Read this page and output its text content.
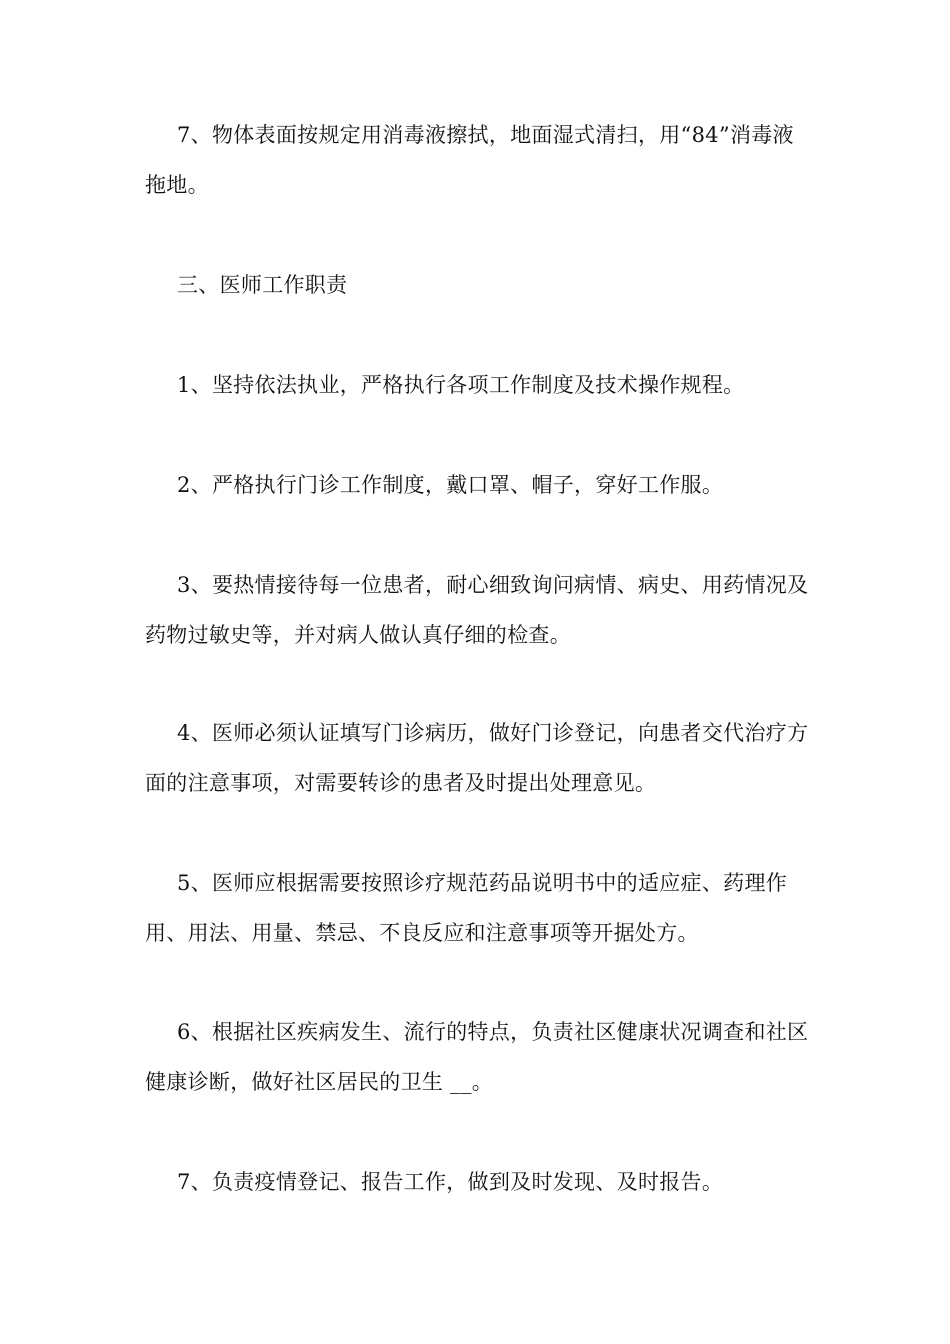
7、物体表面按规定用消毒液擦拭，地面湿式清扫，用“84”消毒液拖地。

三、医师工作职责

1、坚持依法执业，严格执行各项工作制度及技术操作规程。

2、严格执行门诊工作制度，戴口罩、帽子，穿好工作服。

3、要热情接待每一位患者，耐心细致询问病情、病史、用药情况及药物过敏史等，并对病人做认真仔细的检查。

4、医师必须认证填写门诊病历，做好门诊登记，向患者交代治疗方面的注意事项，对需要转诊的患者及时提出处理意见。

5、医师应根据需要按照诊疗规范药品说明书中的适应症、药理作用、用法、用量、禁忌、不良反应和注意事项等开据处方。

6、根据社区疾病发生、流行的特点，负责社区健康状况调查和社区健康诊断，做好社区居民的卫生 __。

7、负责疫情登记、报告工作，做到及时发现、及时报告。
